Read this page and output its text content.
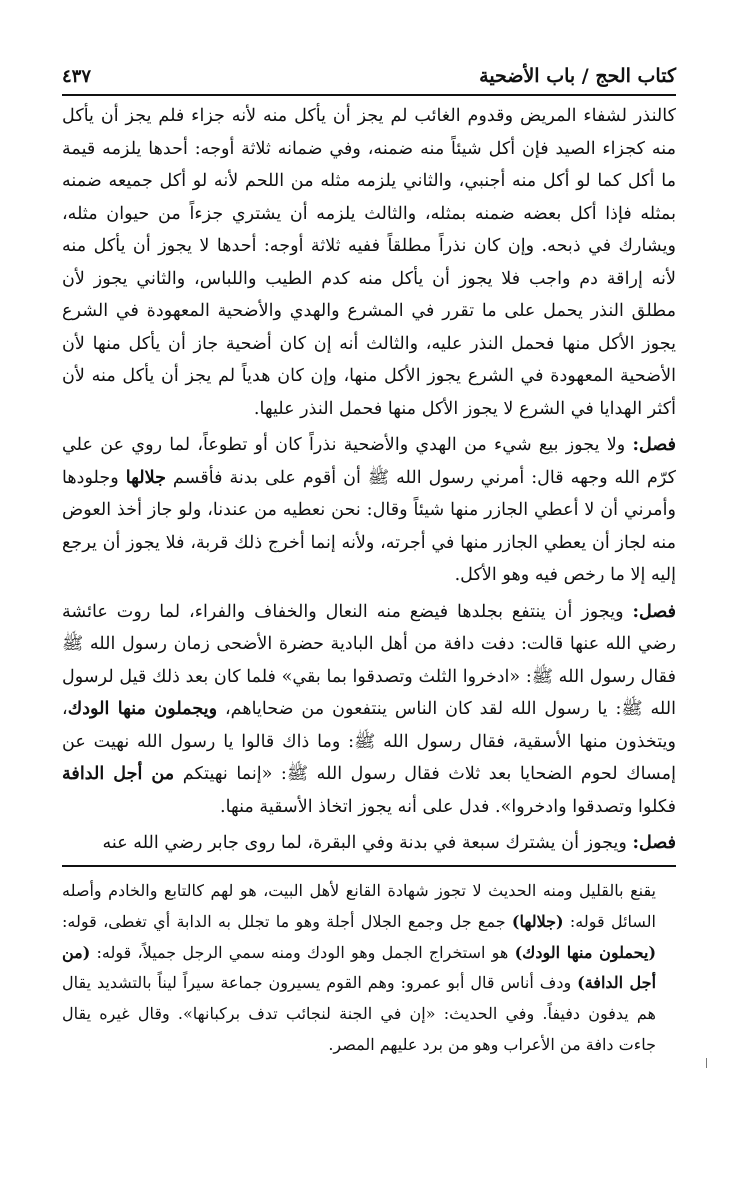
كتاب الحج / باب الأضحية
٤٣٧

كالنذر لشفاء المريض وقدوم الغائب لم يجز أن يأكل منه لأنه جزاء فلم يجز أن يأكل منه كجزاء الصيد فإن أكل شيئاً منه ضمنه، وفي ضمانه ثلاثة أوجه: أحدها يلزمه قيمة ما أكل كما لو أكل منه أجنبي، والثاني يلزمه مثله من اللحم لأنه لو أكل جميعه ضمنه بمثله فإذا أكل بعضه ضمنه بمثله، والثالث يلزمه أن يشتري جزءاً من حيوان مثله، ويشارك في ذبحه. وإن كان نذراً مطلقاً ففيه ثلاثة أوجه: أحدها لا يجوز أن يأكل منه لأنه إراقة دم واجب فلا يجوز أن يأكل منه كدم الطيب واللباس، والثاني يجوز لأن مطلق النذر يحمل على ما تقرر في المشرع والهدي والأضحية المعهودة في الشرع يجوز الأكل منها فحمل النذر عليه، والثالث أنه إن كان أضحية جاز أن يأكل منها لأن الأضحية المعهودة في الشرع يجوز الأكل منها، وإن كان هدياً لم يجز أن يأكل منه لأن أكثر الهدايا في الشرع لا يجوز الأكل منها فحمل النذر عليها.

فصل: ولا يجوز بيع شيء من الهدي والأضحية نذراً كان أو تطوعاً، لما روي عن علي كرّم الله وجهه قال: أمرني رسول الله ﷺ أن أقوم على بدنة فأقسم جلالها وجلودها وأمرني أن لا أعطي الجازر منها شيئاً وقال: نحن نعطيه من عندنا، ولو جاز أخذ العوض منه لجاز أن يعطي الجازر منها في أجرته، ولأنه إنما أخرج ذلك قربة، فلا يجوز أن يرجع إليه إلا ما رخص فيه وهو الأكل.

فصل: ويجوز أن ينتفع بجلدها فيضع منه النعال والخفاف والفراء، لما روت عائشة رضي الله عنها قالت: دفت دافة من أهل البادية حضرة الأضحى زمان رسول الله ﷺ فقال رسول الله ﷺ: «ادخروا الثلث وتصدقوا بما بقي» فلما كان بعد ذلك قيل لرسول الله ﷺ: يا رسول الله لقد كان الناس ينتفعون من ضحاياهم، ويجملون منها الودك، ويتخذون منها الأسقية، فقال رسول الله ﷺ: وما ذاك قالوا يا رسول الله نهيت عن إمساك لحوم الضحايا بعد ثلاث فقال رسول الله ﷺ: «إنما نهيتكم من أجل الدافة فكلوا وتصدقوا وادخروا». فدل على أنه يجوز اتخاذ الأسقية منها.

فصل: ويجوز أن يشترك سبعة في بدنة وفي البقرة، لما روى جابر رضي الله عنه

يقنع بالقليل ومنه الحديث لا تجوز شهادة القانع لأهل البيت، هو لهم كالتابع والخادم وأصله السائل قوله: (جلالها) جمع جل وجمع الجلال أجلة وهو ما تجلل به الدابة أي تغطى، قوله: (يحملون منها الودك) هو استخراج الجمل وهو الودك ومنه سمي الرجل جميلاً، قوله: (من أجل الدافة) ودف أناس قال أبو عمرو: وهم القوم يسيرون جماعة سيراً ليناً بالتشديد يقال هم يدفون دفيفاً. وفي الحديث: «إن في الجنة لنجائب تدف بركبانها». وقال غيره يقال جاءت دافة من الأعراب وهو من برد عليهم المصر.
